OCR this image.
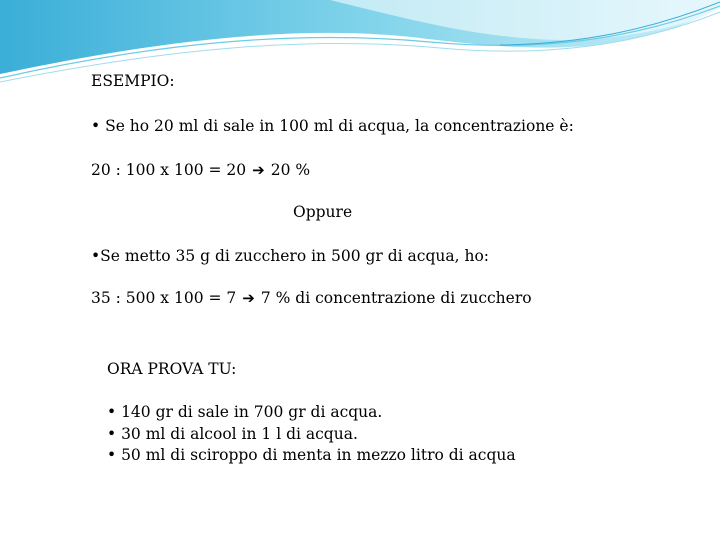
ESEMPIO:
• Se ho 20 ml di sale in 100 ml di acqua, la concentrazione è:
20 : 100 x 100 = 20 ➔ 20 %
Oppure
•Se metto 35 g di zucchero in 500 gr di acqua, ho:
35 : 500 x 100 = 7 ➔ 7 % di concentrazione di zucchero
ORA PROVA TU:
• 140 gr di sale in 700 gr di acqua.
• 30 ml di alcool in 1 l di acqua.
• 50 ml di sciroppo di menta in mezzo litro di acqua
